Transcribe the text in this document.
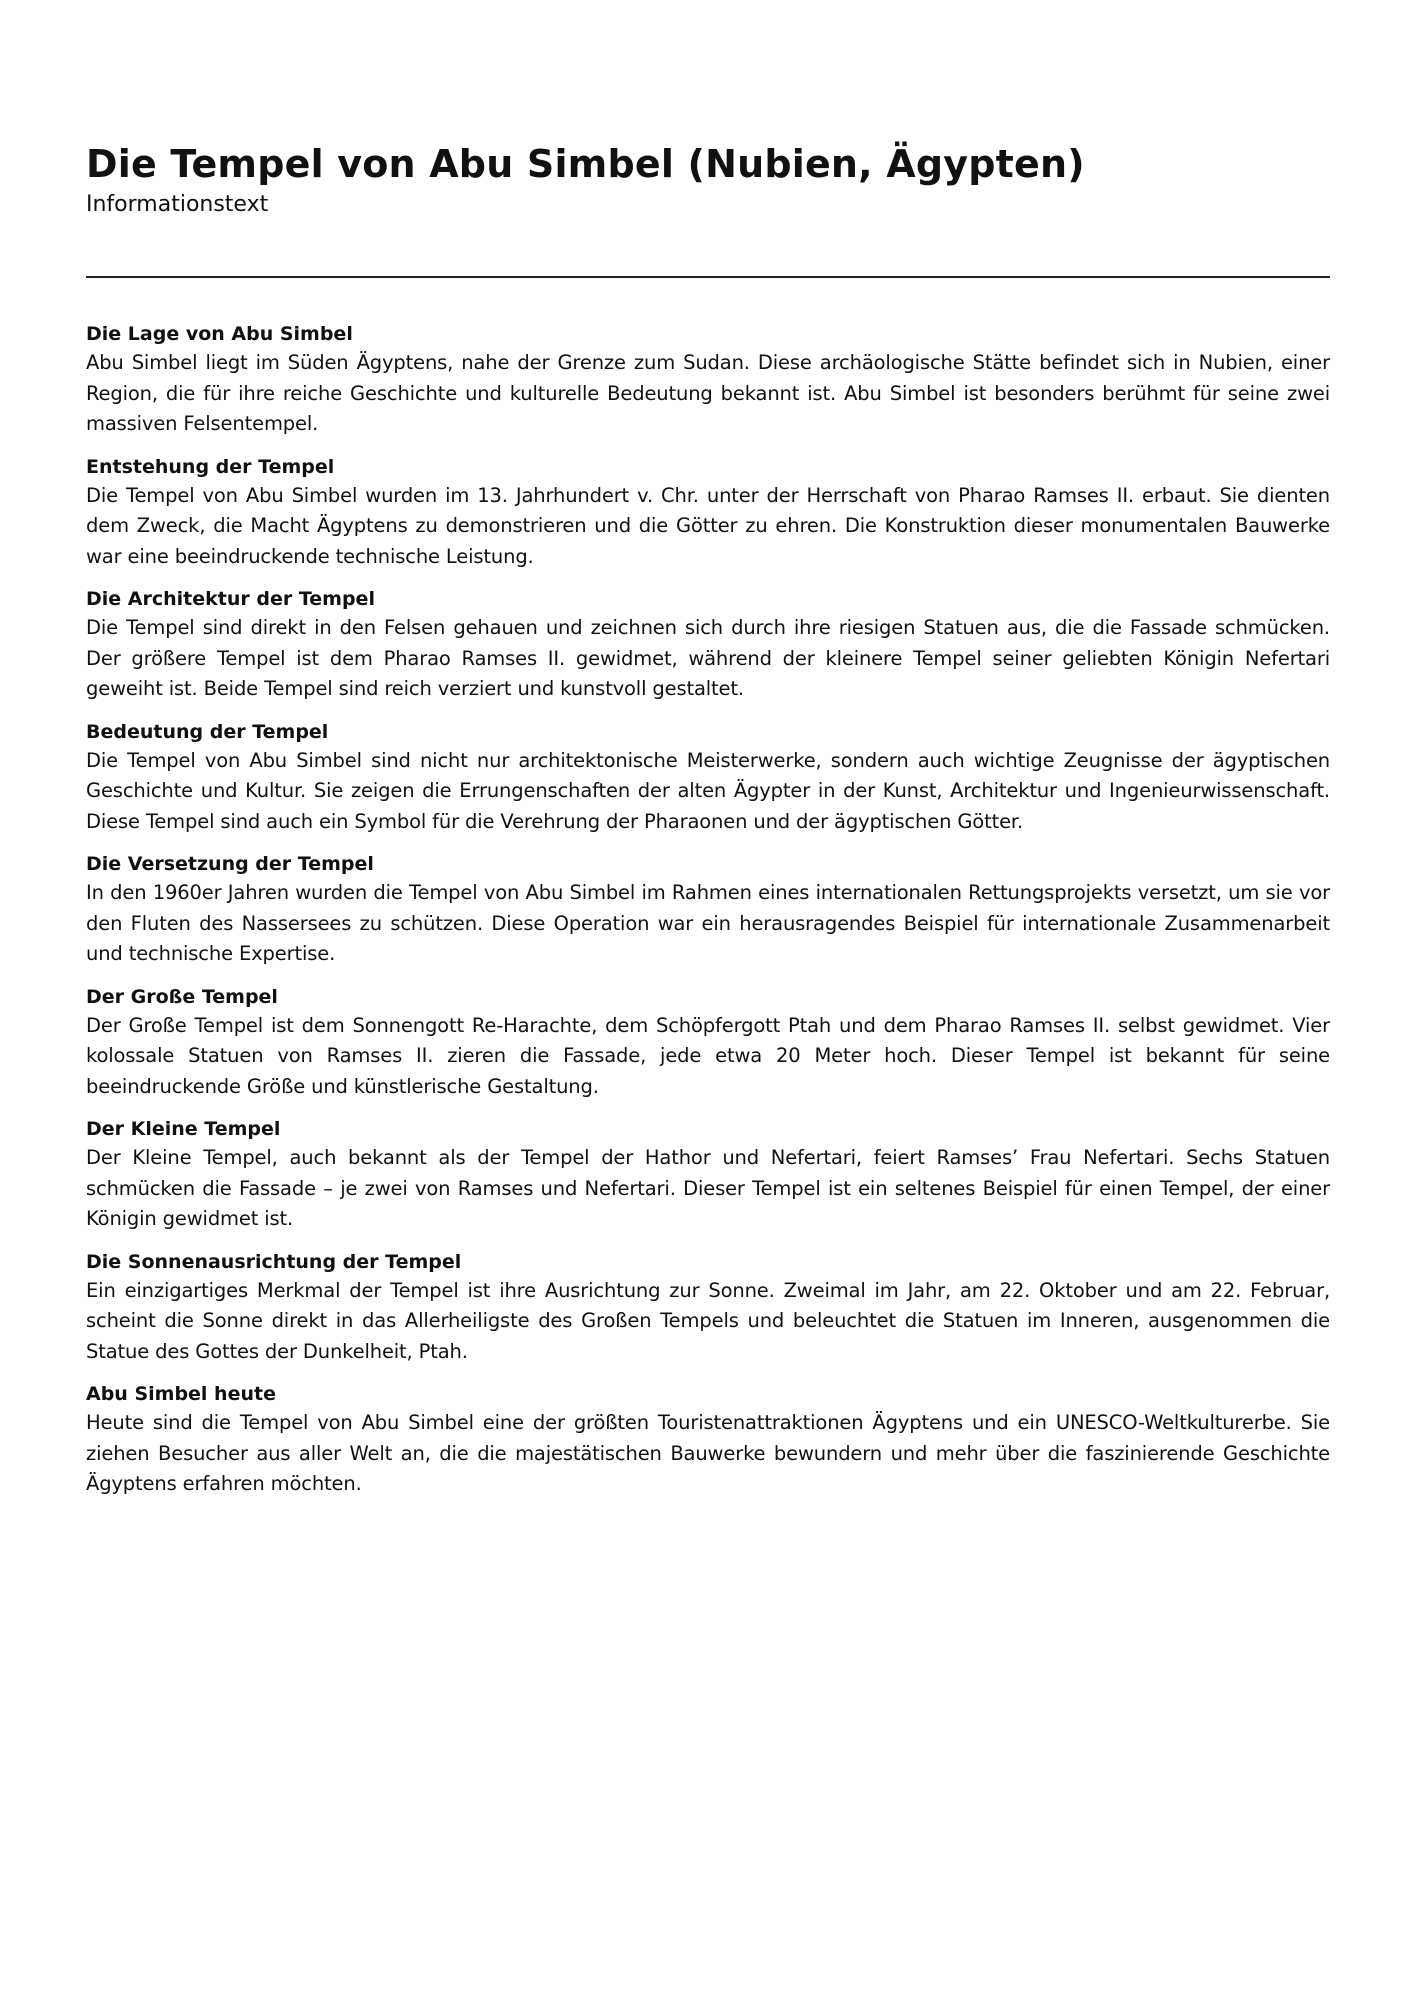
Die Tempel von Abu Simbel (Nubien, Ägypten)
Informationstext
Die Lage von Abu Simbel

Abu Simbel liegt im Süden Ägyptens, nahe der Grenze zum Sudan. Diese archäologische Stätte befindet sich in Nubien, einer Region, die für ihre reiche Geschichte und kulturelle Bedeutung bekannt ist. Abu Simbel ist besonders berühmt für seine zwei massiven Felsentempel.

Entstehung der Tempel

Die Tempel von Abu Simbel wurden im 13. Jahrhundert v. Chr. unter der Herrschaft von Pharao Ramses II. erbaut. Sie dienten dem Zweck, die Macht Ägyptens zu demonstrieren und die Götter zu ehren. Die Konstruktion dieser monumentalen Bauwerke war eine beeindruckende technische Leistung.

Die Architektur der Tempel

Die Tempel sind direkt in den Felsen gehauen und zeichnen sich durch ihre riesigen Statuen aus, die die Fassade schmücken. Der größere Tempel ist dem Pharao Ramses II. gewidmet, während der kleinere Tempel seiner geliebten Königin Nefertari geweiht ist. Beide Tempel sind reich verziert und kunstvoll gestaltet.

Bedeutung der Tempel

Die Tempel von Abu Simbel sind nicht nur architektonische Meisterwerke, sondern auch wichtige Zeugnisse der ägyptischen Geschichte und Kultur. Sie zeigen die Errungenschaften der alten Ägypter in der Kunst, Architektur und Ingenieurwissenschaft. Diese Tempel sind auch ein Symbol für die Verehrung der Pharaonen und der ägyptischen Götter.

Die Versetzung der Tempel

In den 1960er Jahren wurden die Tempel von Abu Simbel im Rahmen eines internationalen Rettungsprojekts versetzt, um sie vor den Fluten des Nassersees zu schützen. Diese Operation war ein herausragendes Beispiel für internationale Zusammenarbeit und technische Expertise.

Der Große Tempel

Der Große Tempel ist dem Sonnengott Re-Harachte, dem Schöpfergott Ptah und dem Pharao Ramses II. selbst gewidmet. Vier kolossale Statuen von Ramses II. zieren die Fassade, jede etwa 20 Meter hoch. Dieser Tempel ist bekannt für seine beeindruckende Größe und künstlerische Gestaltung.

Der Kleine Tempel

Der Kleine Tempel, auch bekannt als der Tempel der Hathor und Nefertari, feiert Ramses’ Frau Nefertari. Sechs Statuen schmücken die Fassade – je zwei von Ramses und Nefertari. Dieser Tempel ist ein seltenes Beispiel für einen Tempel, der einer Königin gewidmet ist.

Die Sonnenausrichtung der Tempel

Ein einzigartiges Merkmal der Tempel ist ihre Ausrichtung zur Sonne. Zweimal im Jahr, am 22. Oktober und am 22. Februar, scheint die Sonne direkt in das Allerheiligste des Großen Tempels und beleuchtet die Statuen im Inneren, ausgenommen die Statue des Gottes der Dunkelheit, Ptah.

Abu Simbel heute

Heute sind die Tempel von Abu Simbel eine der größten Touristenattraktionen Ägyptens und ein UNESCO-Weltkulturerbe. Sie ziehen Besucher aus aller Welt an, die die majestätischen Bauwerke bewundern und mehr über die faszinierende Geschichte Ägyptens erfahren möchten.
